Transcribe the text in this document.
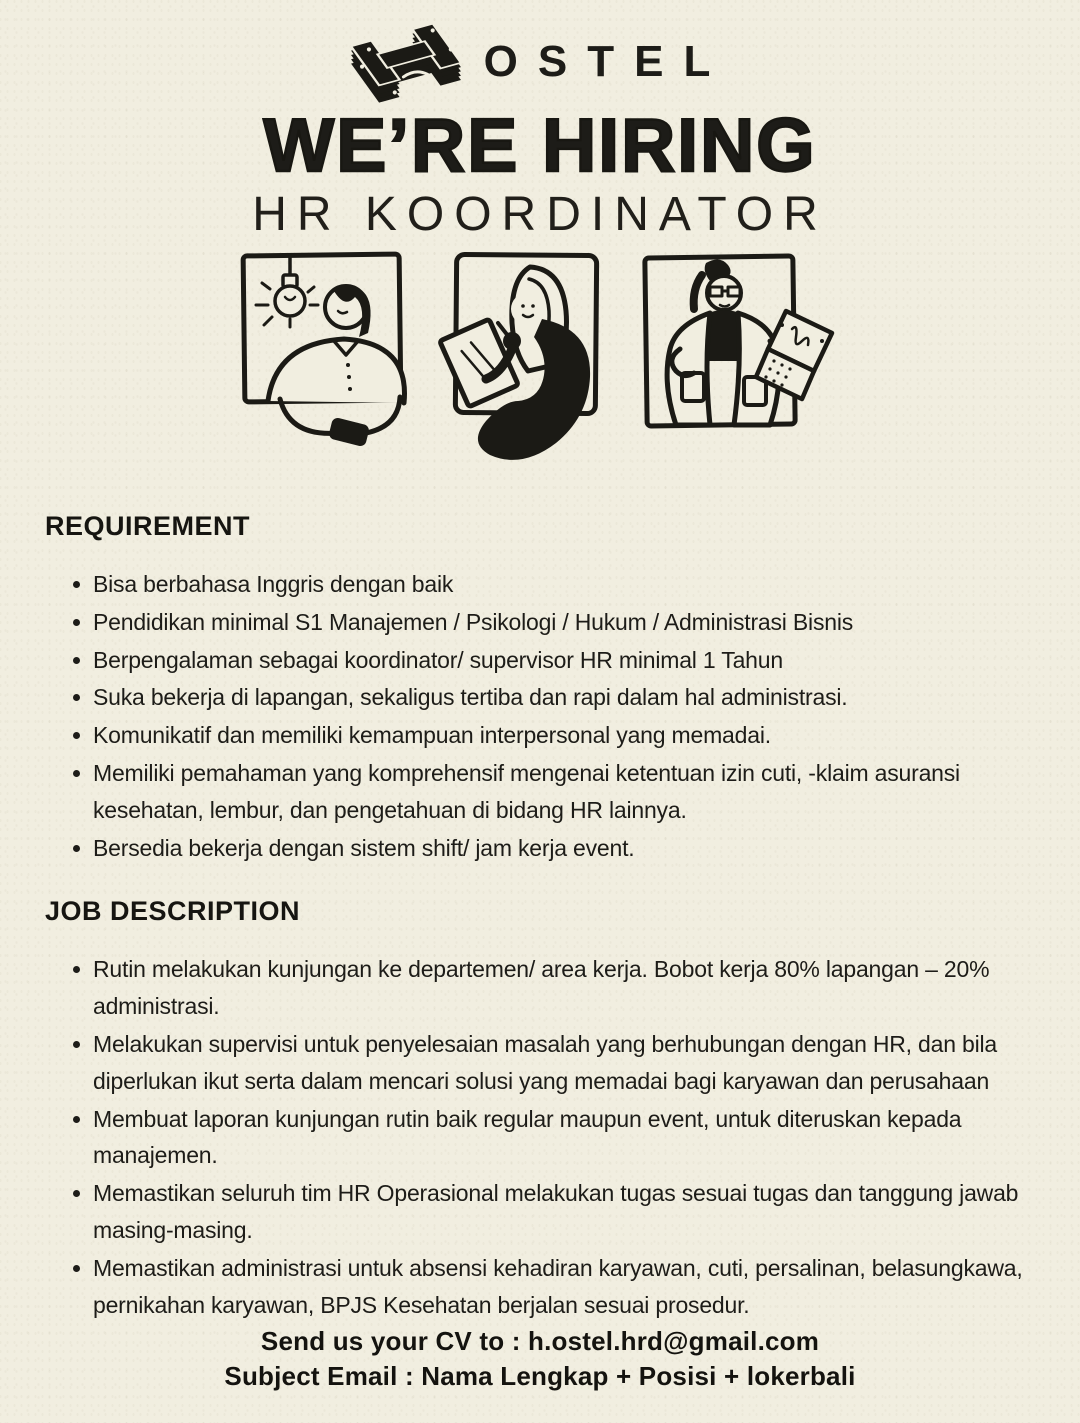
OSTEL
WE’RE HIRING
HR KOORDINATOR
REQUIREMENT
Bisa berbahasa Inggris dengan baik
Pendidikan minimal S1 Manajemen / Psikologi / Hukum / Administrasi Bisnis
Berpengalaman sebagai koordinator/ supervisor HR minimal 1 Tahun
Suka bekerja di lapangan, sekaligus tertiba dan rapi dalam hal administrasi.
Komunikatif dan memiliki kemampuan interpersonal yang memadai.
Memiliki pemahaman yang komprehensif mengenai ketentuan izin cuti, -klaim asuransi kesehatan, lembur, dan pengetahuan di bidang HR lainnya.
Bersedia bekerja dengan sistem shift/ jam kerja event.
JOB DESCRIPTION
Rutin melakukan kunjungan ke departemen/ area kerja. Bobot kerja 80% lapangan – 20% administrasi.
Melakukan supervisi untuk penyelesaian masalah yang berhubungan dengan HR, dan bila diperlukan ikut serta dalam mencari solusi yang memadai bagi karyawan dan perusahaan
Membuat laporan kunjungan rutin baik regular maupun event, untuk diteruskan kepada manajemen.
Memastikan seluruh tim HR Operasional melakukan tugas sesuai tugas dan tanggung jawab masing-masing.
Memastikan administrasi untuk absensi kehadiran karyawan, cuti, persalinan, belasungkawa, pernikahan karyawan, BPJS Kesehatan berjalan sesuai prosedur.
Send us your CV to : h.ostel.hrd@gmail.com
Subject Email : Nama Lengkap + Posisi + lokerbali
